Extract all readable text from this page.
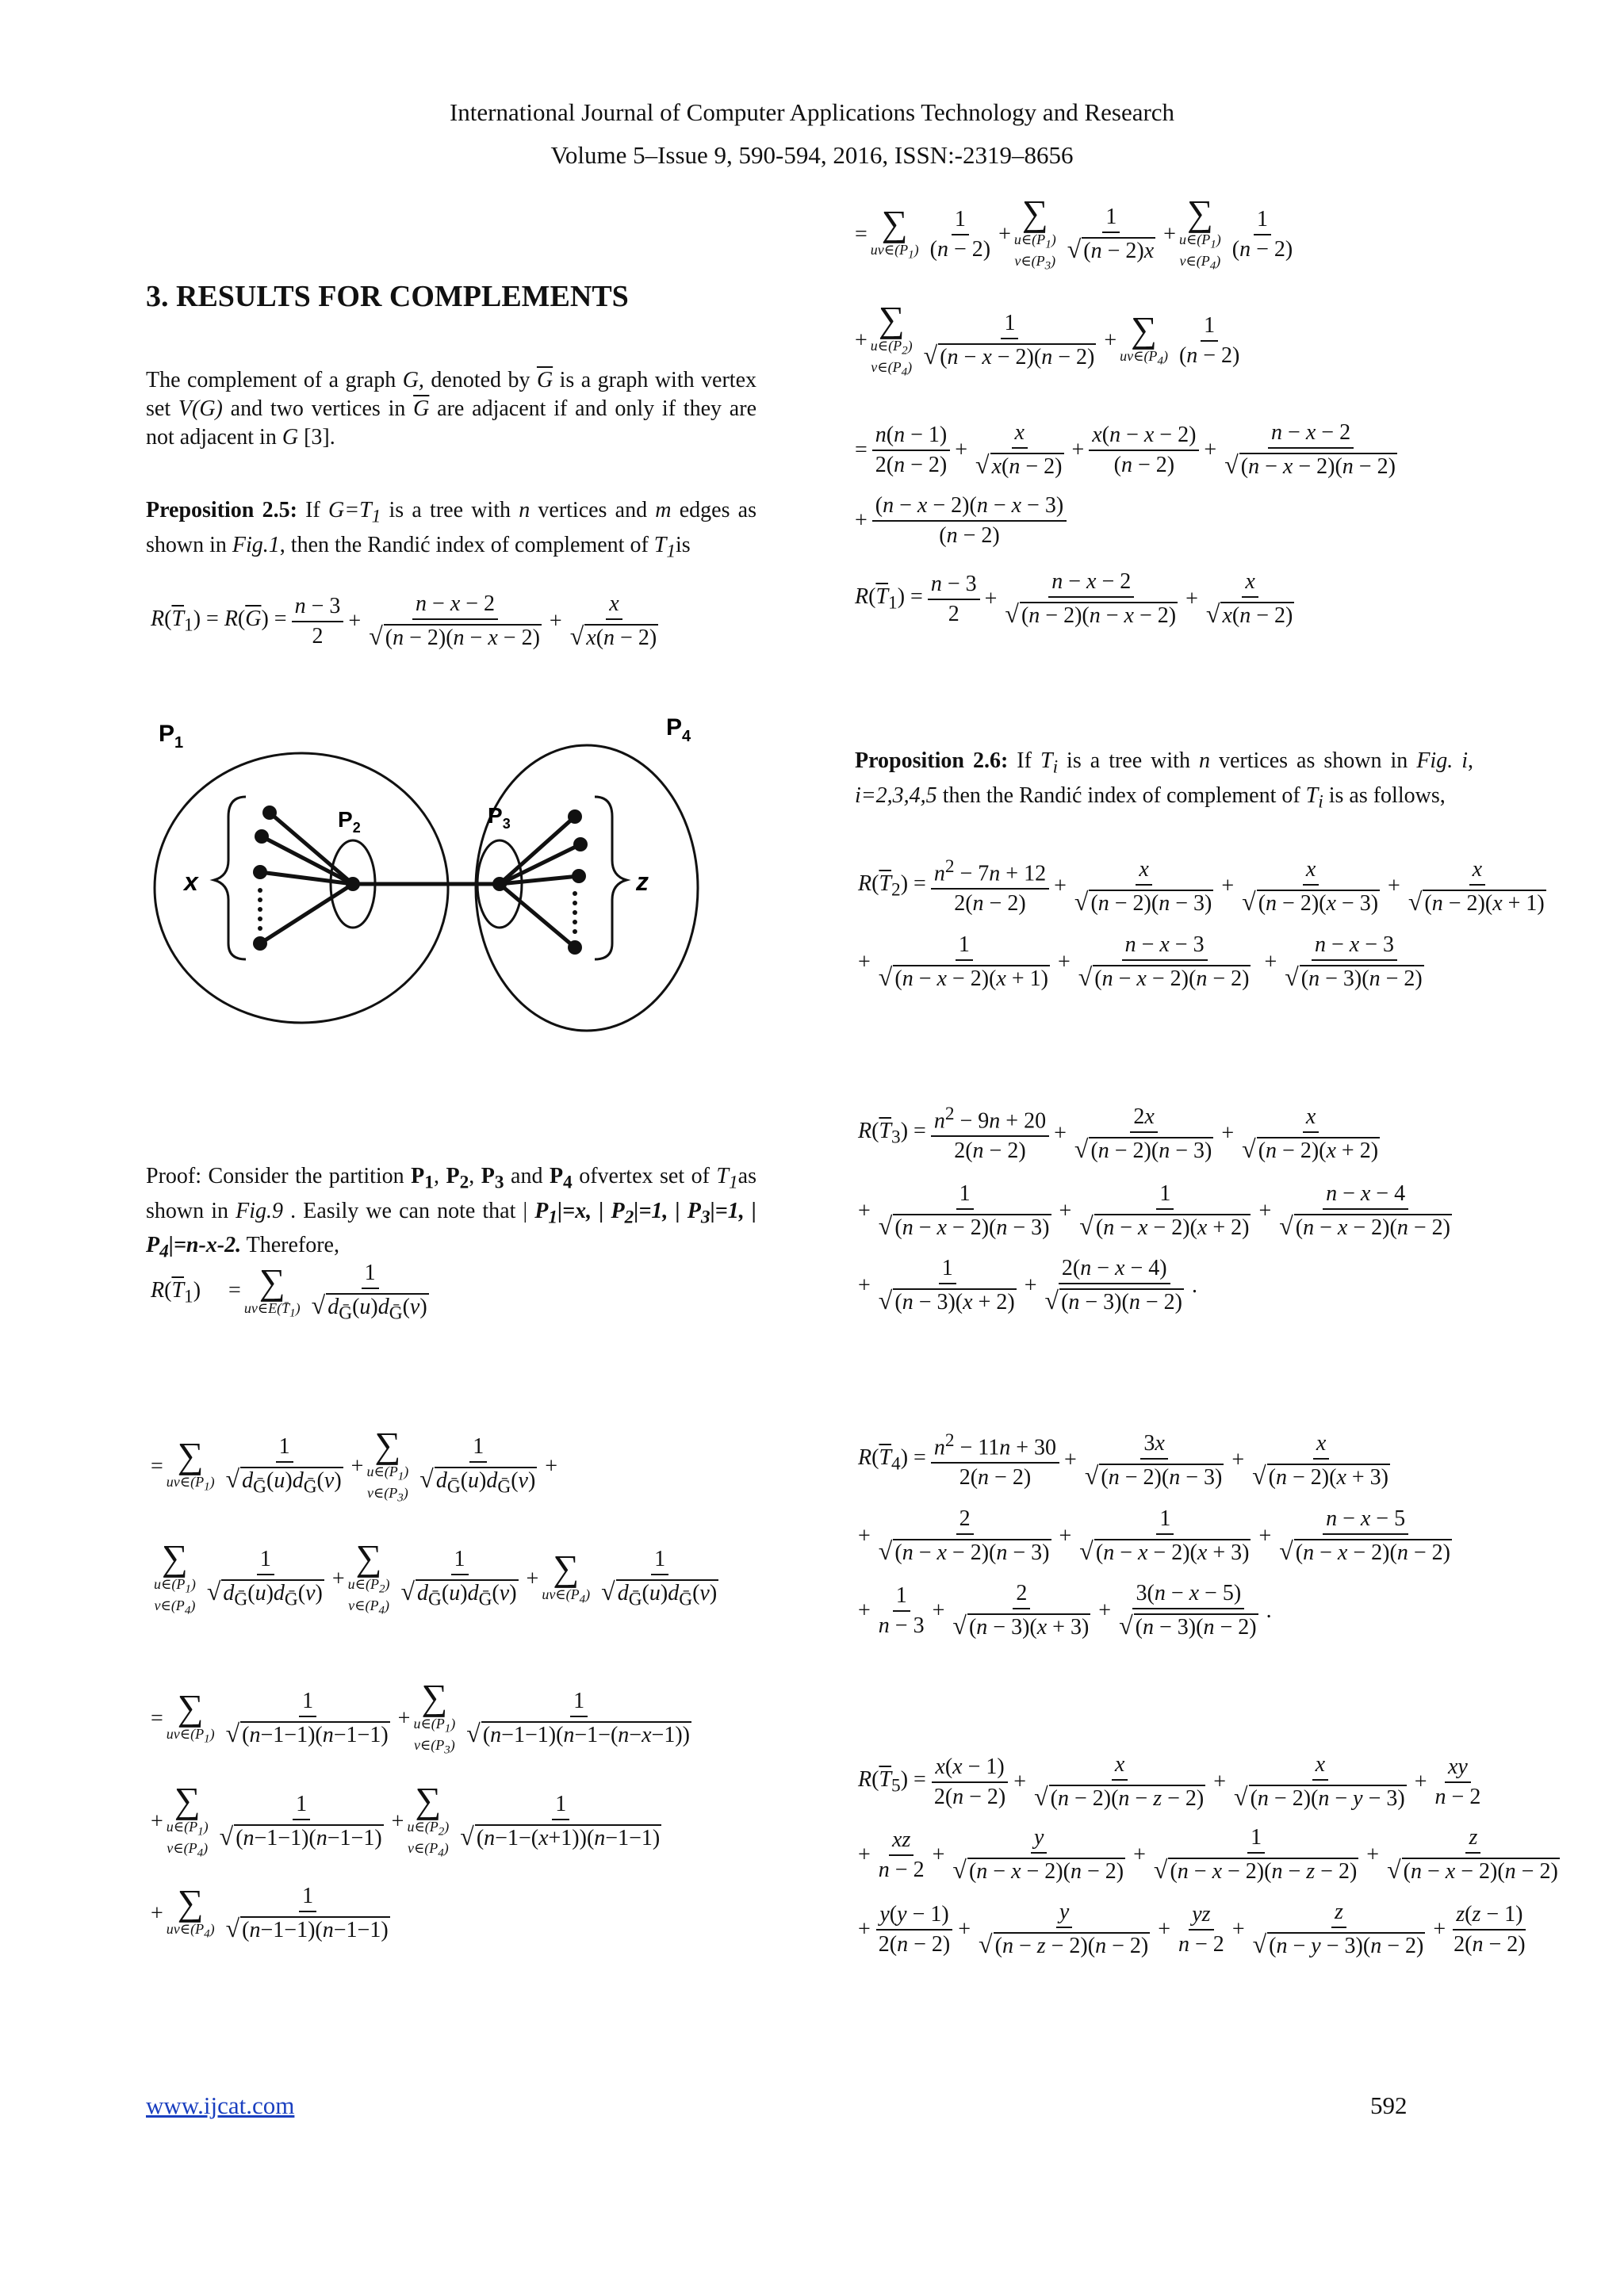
International Journal of Computer Applications Technology and Research
Volume 5–Issue 9, 590-594, 2016, ISSN:-2319–8656
3. RESULTS FOR COMPLEMENTS
The complement of a graph G, denoted by $\overline{G}$ is a graph with vertex set V(G) and two vertices in $\overline{G}$ are adjacent if and only if they are not adjacent in G [3].
Preposition 2.5: If $G=T_1$ is a tree with n vertices and m edges as shown in Fig.1, then the Randić index of complement of $T_1is$
$R(\overline{T}_1) = R(\overline{G}) = \frac{n - 3}{2} + \frac{n - x - 2}{√ (n - 2)(n - x - 2)} + \frac{x}{√ x(n - 2)}$
$P_1$
$P_4$
$P_2$	$P_3$
x	z
Proof: Consider the partition $P_1$, $P_2$, $P_3$ and $P_4$ ofvertex set of $T_1as$ shown in Fig.9 . Easily we can note that | $P_1|=x$, | $P_2|=1$, | $P_3|=1$, | $P_4|=n-x-2$. Therefore,
$R(\overline{T}_1)$     = ∑
$uv\in E(T̄_1) \frac{1}{√ d_Ḡ(u)d_Ḡ(v)}$
= ∑
$uv\in(P_1) \frac{1}{√ d_Ḡ(u)d_Ḡ(v)}$ +
∑
$u\in(P_1)$
$v\in(P_3) \frac{1}{√ d_Ḡ(u)d_Ḡ(v)}$ +
∑
$u\in(P_1)$
$v\in(P_4) \frac{1}{√ d_Ḡ(u)d_Ḡ(v)}$ +
∑
$u\in(P_2)$
$v\in(P_4) \frac{1}{√ d_Ḡ(u)d_Ḡ(v)}$ + ∑
$uv\in(P_4) \frac{1}{√ d_Ḡ(u)d_Ḡ(v)}$
= ∑
$uv\in(P_1) \frac{1}{√ (n-1-1)(n-1-1)}$ +
∑
$u\in(P_1)$
$v\in(P_3) \frac{1}{√ (n-1-1)(n-1-(n-x-1))}$
+
∑
$u\in(P_1)$
$v\in(P_4) \frac{1}{√ (n-1-1)(n-1-1)}$ +
∑
$u\in(P_2)$
$v\in(P_4) \frac{1}{√ (n-1-(x+1))(n-1-1)}$
+ ∑
$uv\in(P_4) \frac{1}{√ (n-1-1)(n-1-1)}$
= ∑
$uv\in(P_1) \frac{1}{(n - 2)}$ +
∑
$u\in(P_1)$
$v\in(P_3) \frac{1}{√ (n - 2)x}$ +
∑
$u\in(P_1)$
$v\in(P_4) \frac{1}{(n - 2)}$
+
∑
$u\in(P_2)$
$v\in(P_4) \frac{1}{√ (n - x - 2)(n - 2)}$ + ∑
$uv\in(P_4) \frac{1}{(n - 2)}$
= $\frac{n(n - 1)}{2(n - 2)} + \frac{x}{√ x(n - 2)} + \frac{x(n - x - 2)}{(n - 2)} + \frac{n - x - 2}{√ (n - x - 2)(n - 2)}$
+ $\frac{(n - x - 2)(n - x - 3)}{(n - 2)}$
$R(\overline{T}_1) = \frac{n - 3}{2} + \frac{n - x - 2}{√ (n - 2)(n - x - 2)} + \frac{x}{√ x(n - 2)}$
Proposition 2.6: If $T_i$ is a tree with n vertices as shown in Fig. i, i=2,3,4,5 then the Randić index of complement of $T_i$ is as follows,
$R(\overline{T}_2) = \frac{n^2 - 7n + 12}{2(n - 2)} + \frac{x}{√ (n - 2)(n - 3)} + \frac{x}{√ (n - 2)(x - 3)} + \frac{x}{√ (n - 2)(x + 1)}$
+ $\frac{1}{√ (n - x - 2)(x + 1)} + \frac{n - x - 3}{√ (n - x - 2)(n - 2)} + \frac{n - x - 3}{√ (n - 3)(n - 2)}$
$R(\overline{T}_3) = \frac{n^2 - 9n + 20}{2(n - 2)} + \frac{2x}{√ (n - 2)(n - 3)} + \frac{x}{√ (n - 2)(x + 2)}$
+ $\frac{1}{√ (n - x - 2)(n - 3)} + \frac{1}{√ (n - x - 2)(x + 2)} + \frac{n - x - 4}{√ (n - x - 2)(n - 2)}$
+ $\frac{1}{√ (n - 3)(x + 2)} + \frac{2(n - x - 4)}{√ (n - 3)(n - 2)}$ .
$R(\overline{T}_4) = \frac{n^2 - 11n + 30}{2(n - 2)} + \frac{3x}{√ (n - 2)(n - 3)} + \frac{x}{√ (n - 2)(x + 3)}$
+ $\frac{2}{√ (n - x - 2)(n - 3)} + \frac{1}{√ (n - x - 2)(x + 3)} + \frac{n - x - 5}{√ (n - x - 2)(n - 2)}$
+ $\frac{1}{n - 3} + \frac{2}{√ (n - 3)(x + 3)} + \frac{3(n - x - 5)}{√ (n - 3)(n - 2)}$ .
$R(\overline{T}_5) = \frac{x(x - 1)}{2(n - 2)} + \frac{x}{√ (n - 2)(n - z - 2)} + \frac{x}{√ (n - 2)(n - y - 3)} + \frac{xy}{n - 2}$
+ $\frac{xz}{n - 2} + \frac{y}{√ (n - x - 2)(n - 2)} + \frac{1}{√ (n - x - 2)(n - z - 2)} + \frac{z}{√ (n - x - 2)(n - 2)}$
+ $\frac{y(y - 1)}{2(n - 2)} + \frac{y}{√ (n - z - 2)(n - 2)} + \frac{yz}{n - 2} + \frac{z}{√ (n - y - 3)(n - 2)} + \frac{z(z - 1)}{2(n - 2)}$
www.ijcat.com	592
